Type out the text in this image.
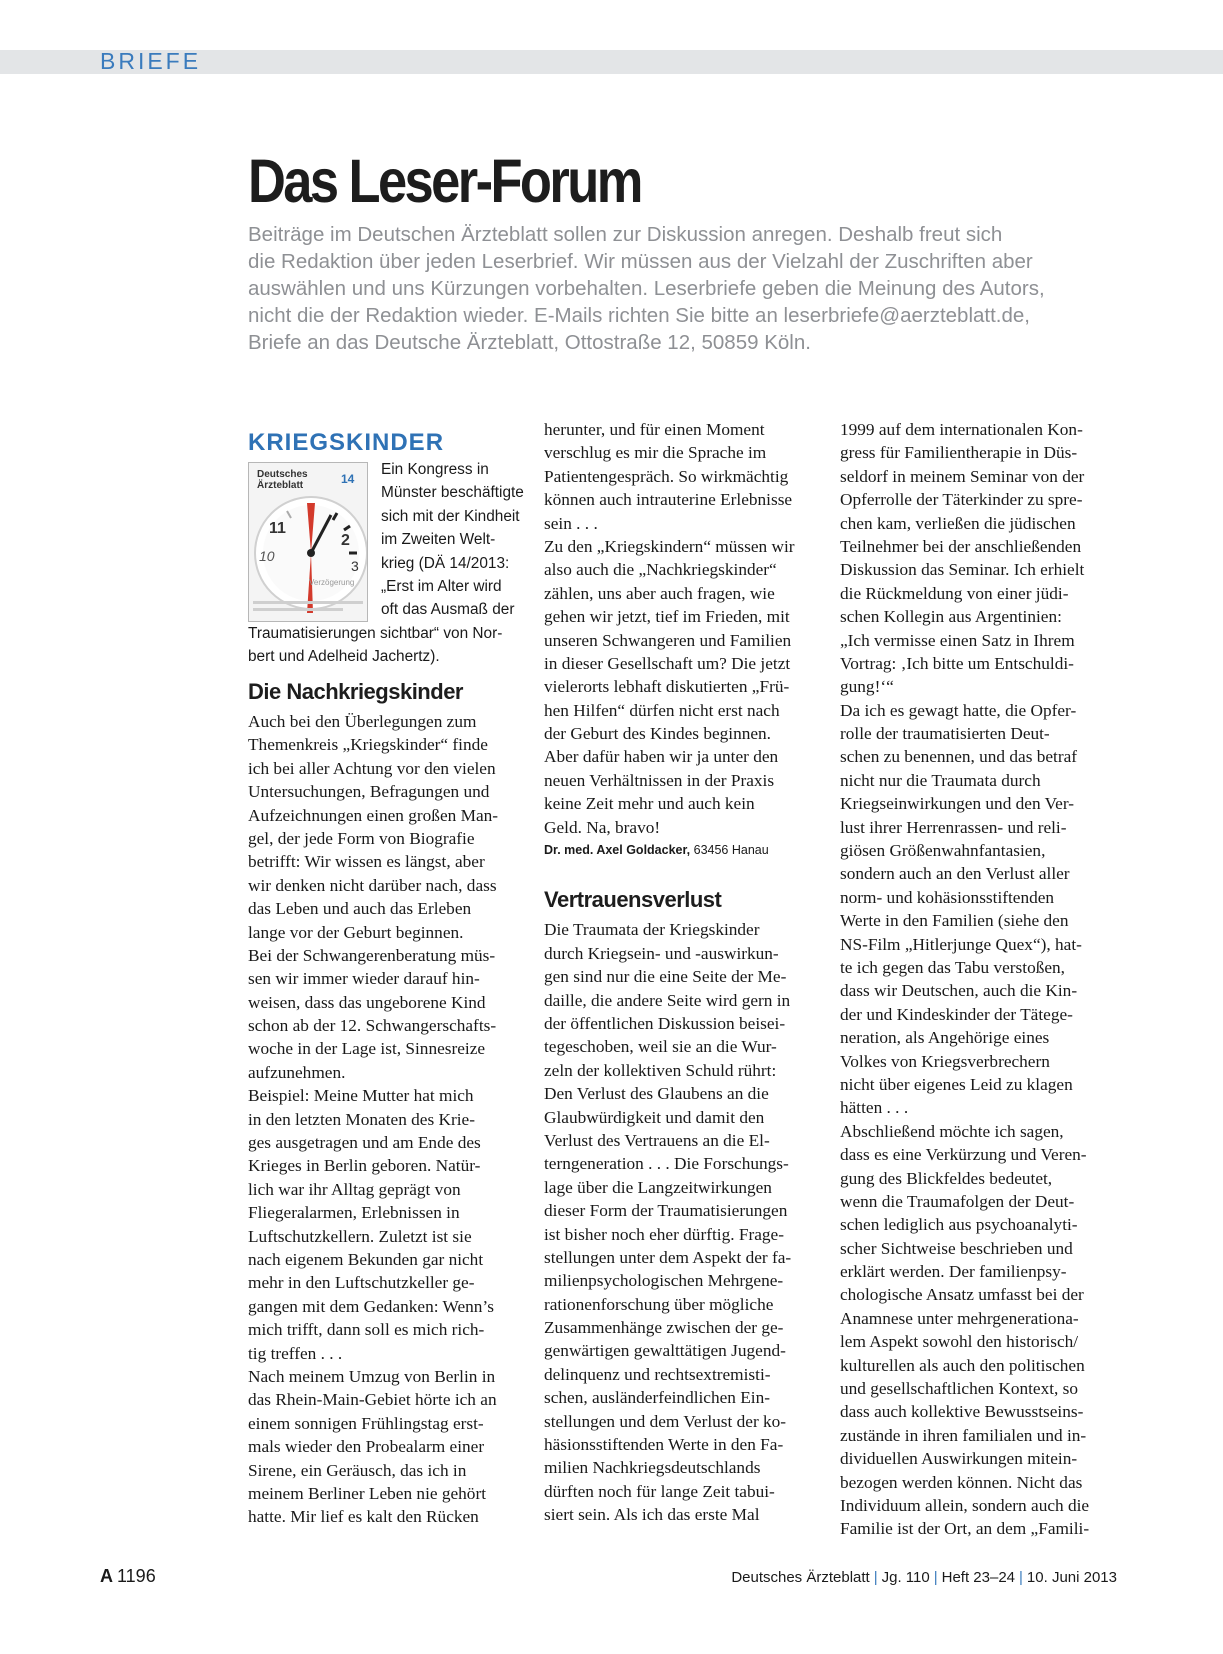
BRIEFE
Das Leser-Forum
Beiträge im Deutschen Ärzteblatt sollen zur Diskussion anregen. Deshalb freut sich
die Redaktion über jeden Leserbrief. Wir müssen aus der Vielzahl der Zuschriften aber
auswählen und uns Kürzungen vorbehalten. Leserbriefe geben die Meinung des Autors,
nicht die der Redaktion wieder. E-Mails richten Sie bitte an leserbriefe@aerzteblatt.de,
Briefe an das Deutsche Ärzteblatt, Ottostraße 12, 50859 Köln.
KRIEGSKINDER
Deutsches
Ärzteblatt	14
11
10
2
3
Verzögerung
Ein Kongress in
Münster beschäftigte
sich mit der Kindheit
im Zweiten Welt-
krieg (DÄ 14/2013:
„Erst im Alter wird
oft das Ausmaß der
Traumatisierungen sichtbar“ von Nor-
bert und Adelheid Jachertz).
Die Nachkriegskinder
Auch bei den Überlegungen zum
Themenkreis „Kriegskinder“ finde
ich bei aller Achtung vor den vielen
Untersuchungen, Befragungen und
Aufzeichnungen einen großen Man-
gel, der jede Form von Biografie
betrifft: Wir wissen es längst, aber
wir denken nicht darüber nach, dass
das Leben und auch das Erleben
lange vor der Geburt beginnen.
Bei der Schwangerenberatung müs-
sen wir immer wieder darauf hin-
weisen, dass das ungeborene Kind
schon ab der 12. Schwangerschafts-
woche in der Lage ist, Sinnesreize
aufzunehmen.
Beispiel: Meine Mutter hat mich
in den letzten Monaten des Krie-
ges ausgetragen und am Ende des
Krieges in Berlin geboren. Natür-
lich war ihr Alltag geprägt von
Fliegeralarmen, Erlebnissen in
Luftschutzkellern. Zuletzt ist sie
nach eigenem Bekunden gar nicht
mehr in den Luftschutzkeller ge-
gangen mit dem Gedanken: Wenn’s
mich trifft, dann soll es mich rich-
tig treffen . . .
Nach meinem Umzug von Berlin in
das Rhein-Main-Gebiet hörte ich an
einem sonnigen Frühlingstag erst-
mals wieder den Probealarm einer
Sirene, ein Geräusch, das ich in
meinem Berliner Leben nie gehört
hatte. Mir lief es kalt den Rücken
herunter, und für einen Moment
verschlug es mir die Sprache im
Patientengespräch. So wirkmächtig
können auch intrauterine Erlebnisse
sein . . .
Zu den „Kriegskindern“ müssen wir
also auch die „Nachkriegskinder“
zählen, uns aber auch fragen, wie
gehen wir jetzt, tief im Frieden, mit
unseren Schwangeren und Familien
in dieser Gesellschaft um? Die jetzt
vielerorts lebhaft diskutierten „Frü-
hen Hilfen“ dürfen nicht erst nach
der Geburt des Kindes beginnen.
Aber dafür haben wir ja unter den
neuen Verhältnissen in der Praxis
keine Zeit mehr und auch kein
Geld. Na, bravo!
Dr. med. Axel Goldacker, 63456 Hanau
Vertrauensverlust
Die Traumata der Kriegskinder
durch Kriegsein- und -auswirkun-
gen sind nur die eine Seite der Me-
daille, die andere Seite wird gern in
der öffentlichen Diskussion beisei-
tegeschoben, weil sie an die Wur-
zeln der kollektiven Schuld rührt:
Den Verlust des Glaubens an die
Glaubwürdigkeit und damit den
Verlust des Vertrauens an die El-
terngeneration . . . Die Forschungs-
lage über die Langzeitwirkungen
dieser Form der Traumatisierungen
ist bisher noch eher dürftig. Frage-
stellungen unter dem Aspekt der fa-
milienpsychologischen Mehrgene-
rationenforschung über mögliche
Zusammenhänge zwischen der ge-
genwärtigen gewalttätigen Jugend-
delinquenz und rechtsextremisti-
schen, ausländerfeindlichen Ein-
stellungen und dem Verlust der ko-
häsionsstiftenden Werte in den Fa-
milien Nachkriegsdeutschlands
dürften noch für lange Zeit tabui-
siert sein. Als ich das erste Mal
1999 auf dem internationalen Kon-
gress für Familientherapie in Düs-
seldorf in meinem Seminar von der
Opferrolle der Täterkinder zu spre-
chen kam, verließen die jüdischen
Teilnehmer bei der anschließenden
Diskussion das Seminar. Ich erhielt
die Rückmeldung von einer jüdi-
schen Kollegin aus Argentinien:
„Ich vermisse einen Satz in Ihrem
Vortrag: ‚Ich bitte um Entschuldi-
gung!‘“
Da ich es gewagt hatte, die Opfer-
rolle der traumatisierten Deut-
schen zu benennen, und das betraf
nicht nur die Traumata durch
Kriegseinwirkungen und den Ver-
lust ihrer Herrenrassen- und reli-
giösen Größenwahnfantasien,
sondern auch an den Verlust aller
norm- und kohäsionsstiftenden
Werte in den Familien (siehe den
NS-Film „Hitlerjunge Quex“), hat-
te ich gegen das Tabu verstoßen,
dass wir Deutschen, auch die Kin-
der und Kindeskinder der Tätege-
neration, als Angehörige eines
Volkes von Kriegsverbrechern
nicht über eigenes Leid zu klagen
hätten . . .
Abschließend möchte ich sagen,
dass es eine Verkürzung und Veren-
gung des Blickfeldes bedeutet,
wenn die Traumafolgen der Deut-
schen lediglich aus psychoanalyti-
scher Sichtweise beschrieben und
erklärt werden. Der familienpsy-
chologische Ansatz umfasst bei der
Anamnese unter mehrgenerationa-
lem Aspekt sowohl den historisch/
kulturellen als auch den politischen
und gesellschaftlichen Kontext, so
dass auch kollektive Bewusstseins-
zustände in ihren familialen und in-
dividuellen Auswirkungen mitein-
bezogen werden können. Nicht das
Individuum allein, sondern auch die
Familie ist der Ort, an dem „Famili-
A 1196	Deutsches Ärzteblatt | Jg. 110 | Heft 23–24 | 10. Juni 2013
